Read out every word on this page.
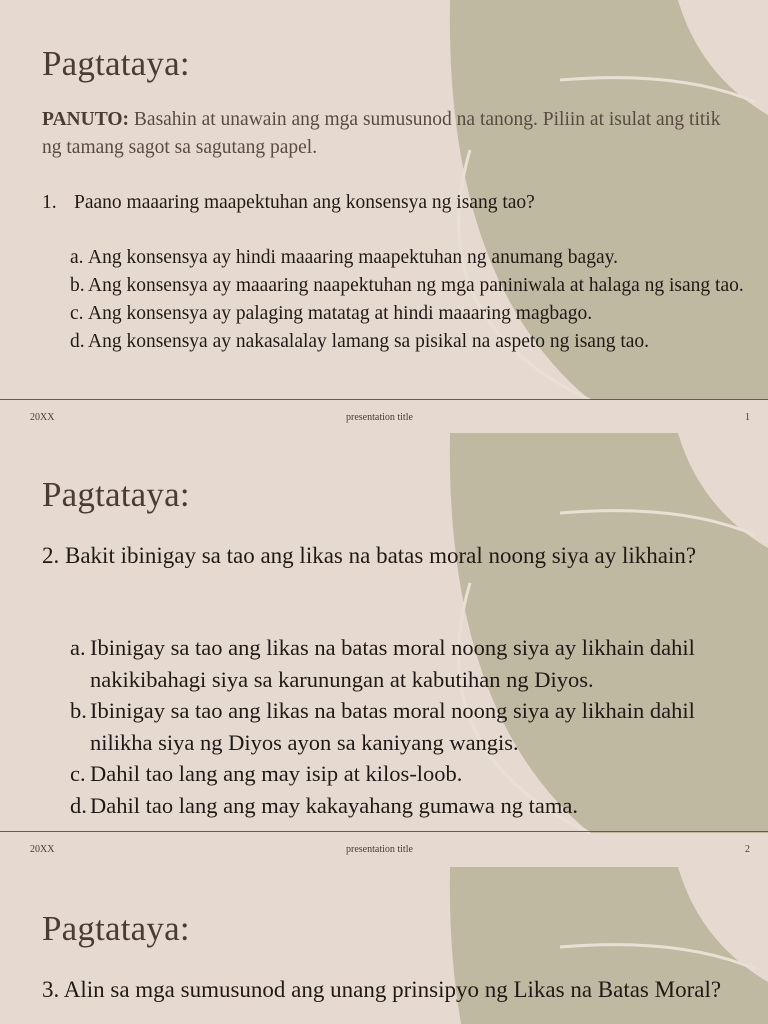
Pagtataya:
PANUTO: Basahin at unawain ang mga sumusunod na tanong. Piliin at isulat ang titik ng tamang sagot sa sagutang papel.
1. Paano maaaring maapektuhan ang konsensya ng isang tao?
a. Ang konsensya ay hindi maaaring maapektuhan ng anumang bagay.
b. Ang konsensya ay maaaring naapektuhan ng mga paniniwala at halaga ng isang tao.
c. Ang konsensya ay palaging matatag at hindi maaaring magbago.
d. Ang konsensya ay nakasalalay lamang sa pisikal na aspeto ng isang tao.
20XX	presentation title	1
Pagtataya:
2. Bakit ibinigay sa tao ang likas na batas moral noong siya ay likhain?
a. Ibinigay sa tao ang likas na batas moral noong siya ay likhain dahil nakikibahagi siya sa karunungan at kabutihan ng Diyos.
b. Ibinigay sa tao ang likas na batas moral noong siya ay likhain dahil nilikha siya ng Diyos ayon sa kaniyang wangis.
c. Dahil tao lang ang may isip at kilos-loob.
d. Dahil tao lang ang may kakayahang gumawa ng tama.
20XX	presentation title	2
Pagtataya:
3. Alin sa mga sumusunod ang unang prinsipyo ng Likas na Batas Moral?
